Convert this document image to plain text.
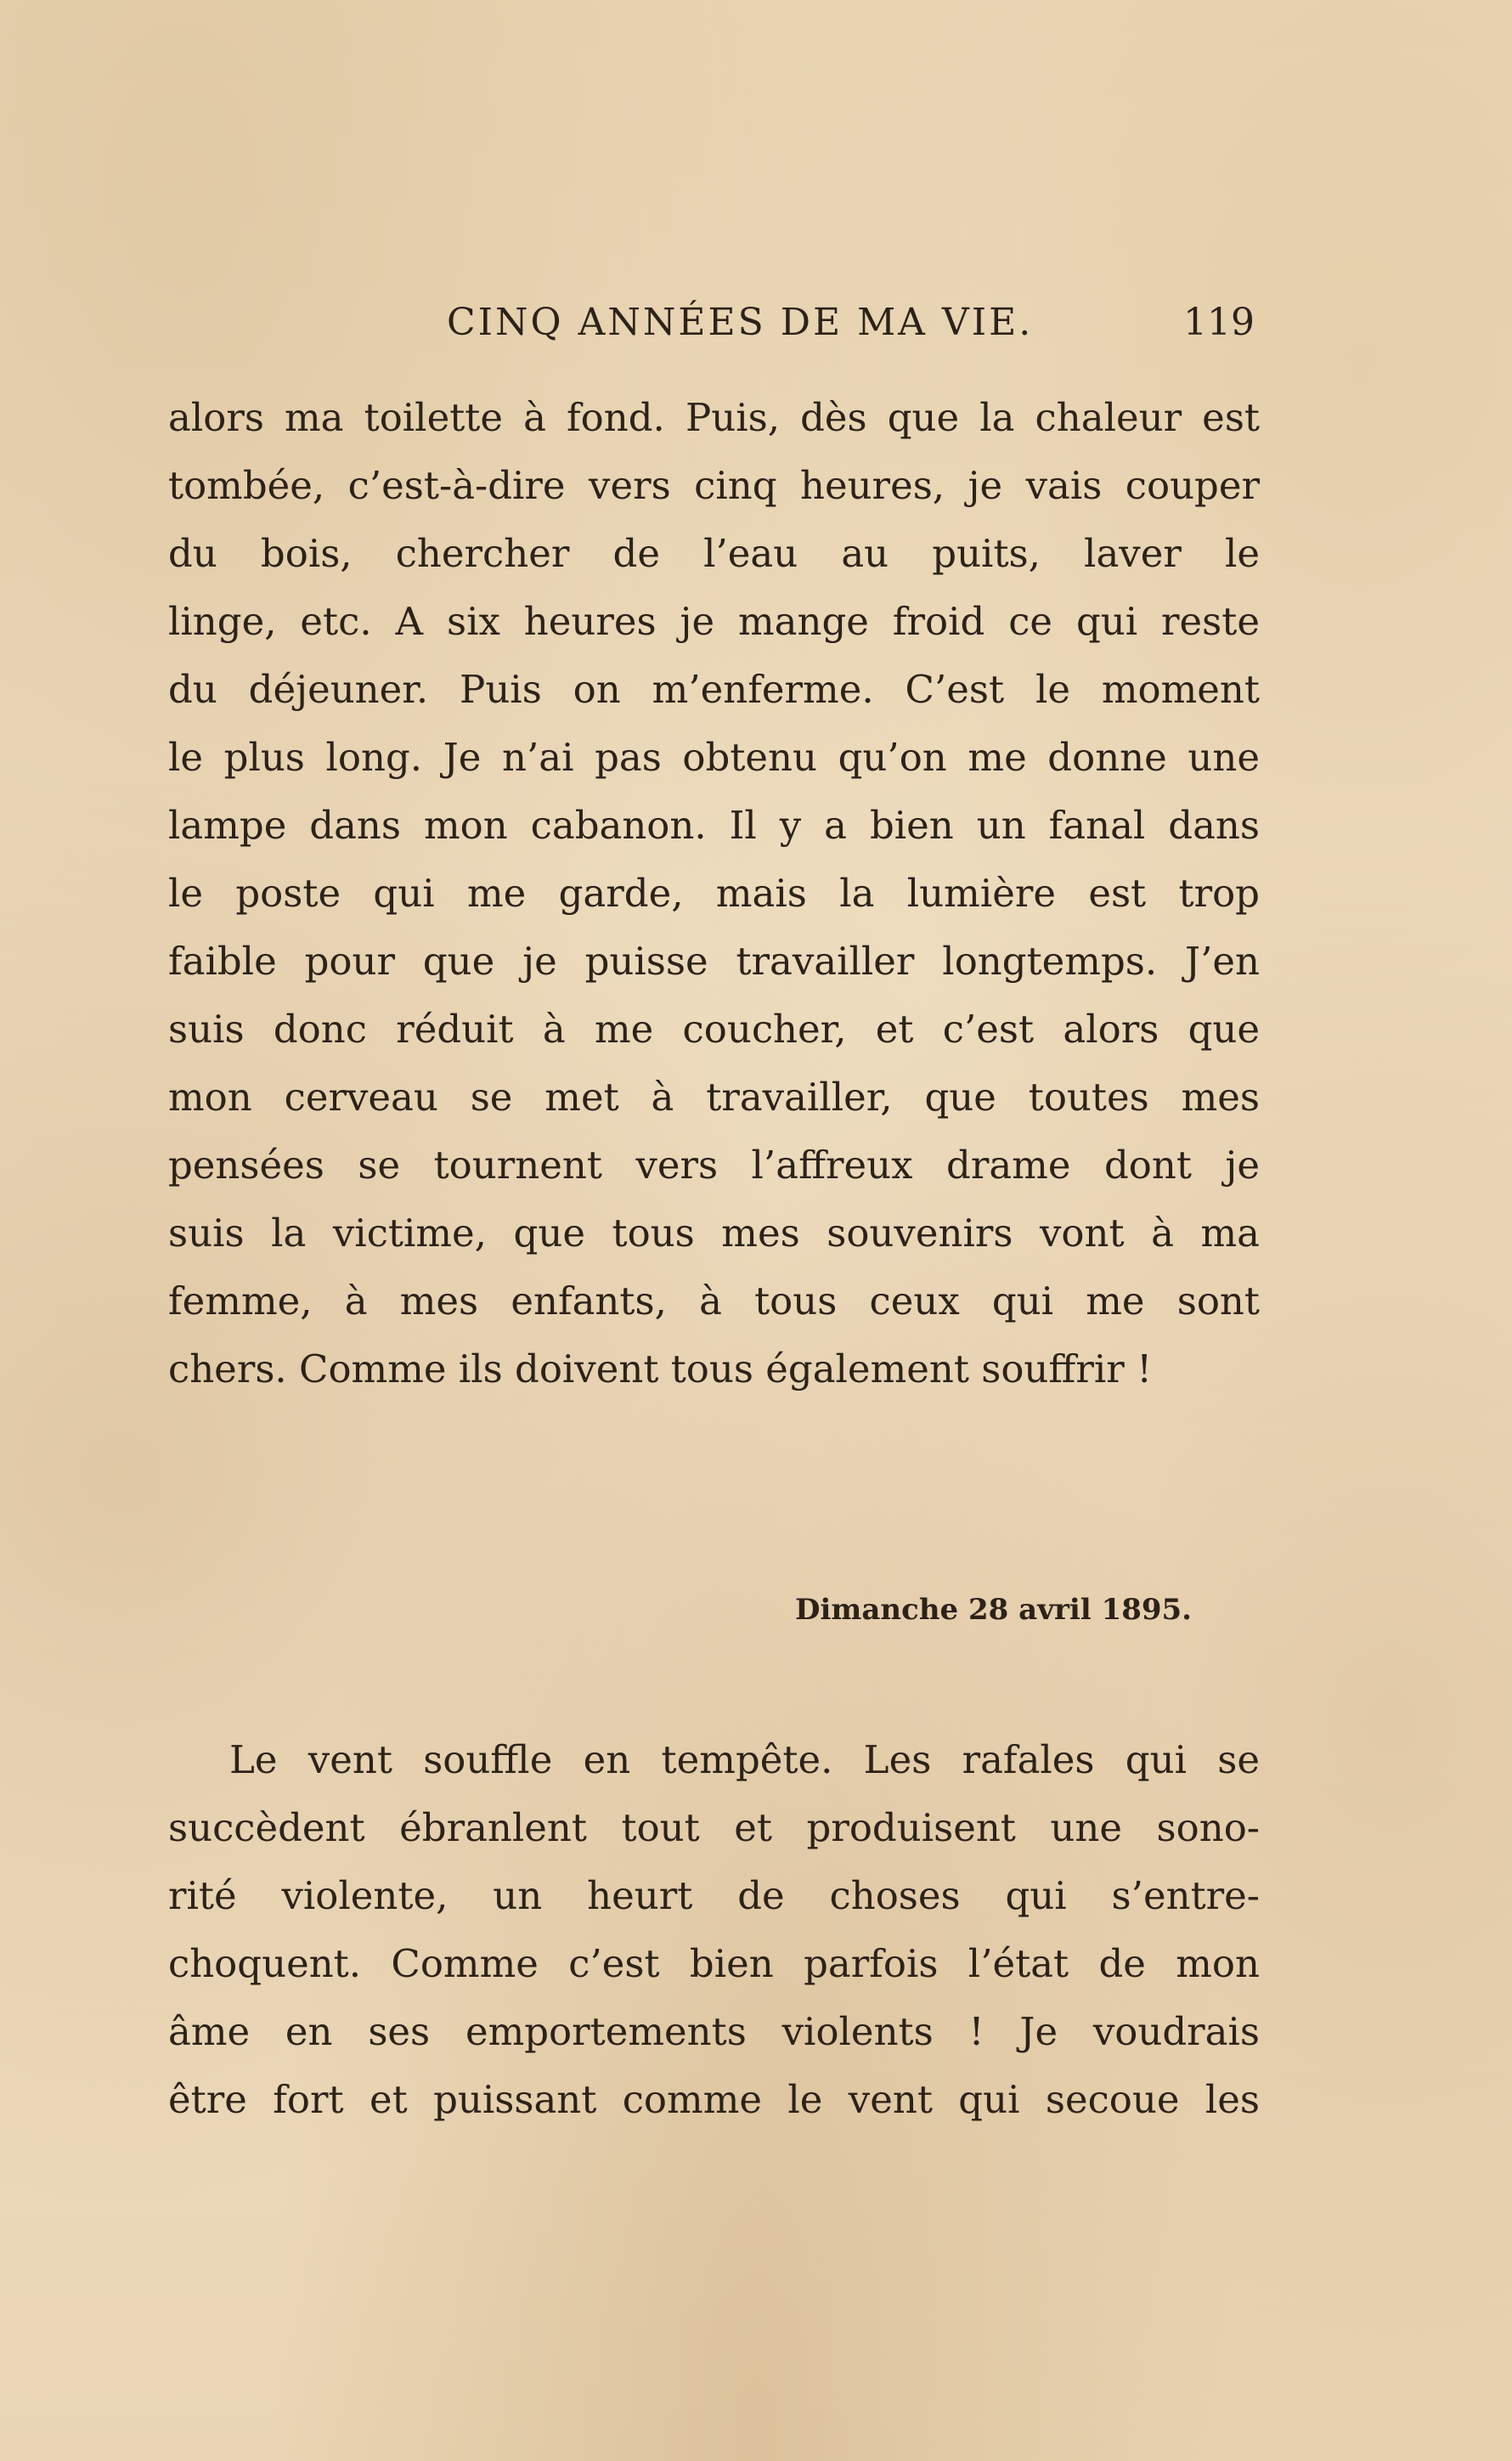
CINQ ANNÉES DE MA VIE.	119
alors ma toilette à fond. Puis, dès que la chaleur est
tombée, c’est-à-dire vers cinq heures, je vais couper
du bois, chercher de l’eau au puits, laver le
linge, etc. A six heures je mange froid ce qui reste
du déjeuner. Puis on m’enferme. C’est le moment
le plus long. Je n’ai pas obtenu qu’on me donne une
lampe dans mon cabanon. Il y a bien un fanal dans
le poste qui me garde, mais la lumière est trop
faible pour que je puisse travailler longtemps. J’en
suis donc réduit à me coucher, et c’est alors que
mon cerveau se met à travailler, que toutes mes
pensées se tournent vers l’affreux drame dont je
suis la victime, que tous mes souvenirs vont à ma
femme, à mes enfants, à tous ceux qui me sont
chers. Comme ils doivent tous également souffrir !
Dimanche 28 avril 1895.
Le vent souffle en tempête. Les rafales qui se
succèdent ébranlent tout et produisent une sono-
rité violente, un heurt de choses qui s’entre-
choquent. Comme c’est bien parfois l’état de mon
âme en ses emportements violents ! Je voudrais
être fort et puissant comme le vent qui secoue les
